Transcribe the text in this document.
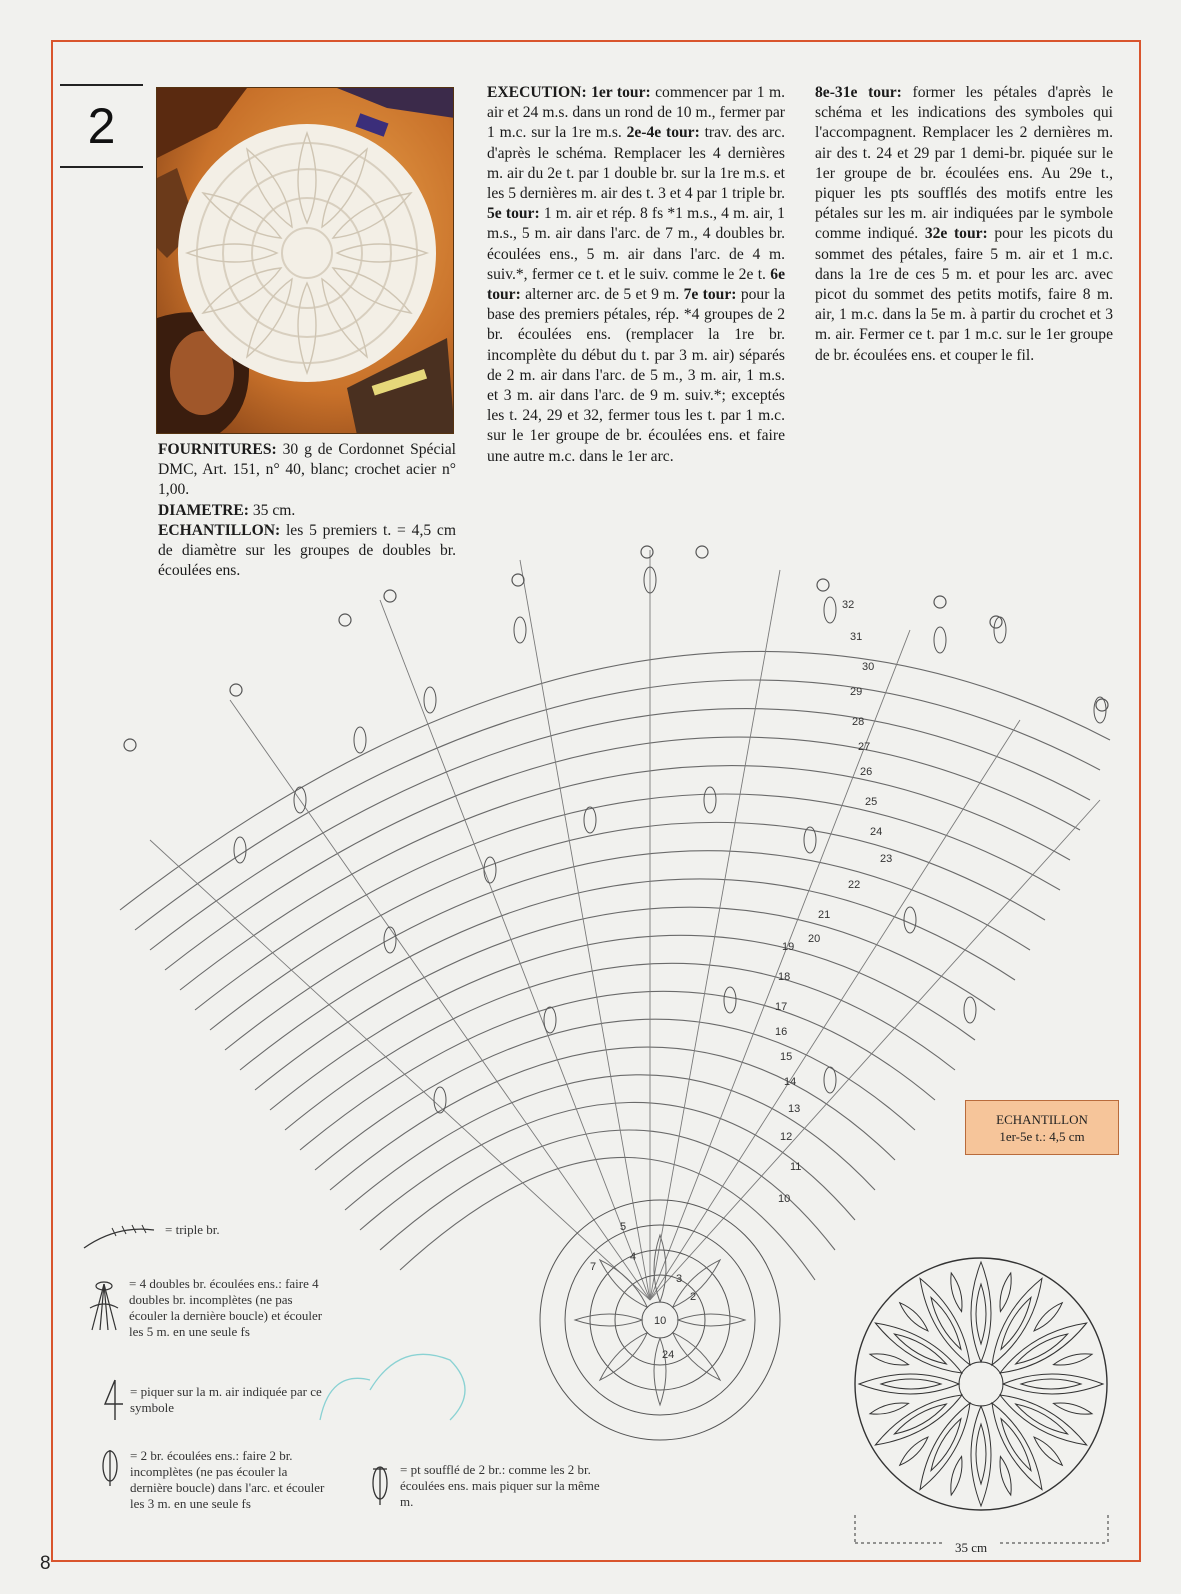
2
FOURNITURES: 30 g de Cordonnet Spécial DMC, Art. 151, n° 40, blanc; crochet acier n° 1,00.
DIAMETRE: 35 cm.
ECHANTILLON: les 5 premiers t. = 4,5 cm de diamètre sur les groupes de doubles br. écoulées ens.
EXECUTION: 1er tour: commencer par 1 m. air et 24 m.s. dans un rond de 10 m., fermer par 1 m.c. sur la 1re m.s. 2e-4e tour: trav. des arc. d'après le schéma. Remplacer les 4 dernières m. air du 2e t. par 1 double br. sur la 1re m.s. et les 5 dernières m. air des t. 3 et 4 par 1 triple br. 5e tour: 1 m. air et rép. 8 fs *1 m.s., 4 m. air, 1 m.s., 5 m. air dans l'arc. de 7 m., 4 doubles br. écoulées ens., 5 m. air dans l'arc. de 4 m. suiv.*, fermer ce t. et le suiv. comme le 2e t. 6e tour: alterner arc. de 5 et 9 m. 7e tour: pour la base des premiers pétales, rép. *4 groupes de 2 br. écoulées ens. (remplacer la 1re br. incomplète du début du t. par 3 m. air) séparés de 2 m. air dans l'arc. de 5 m., 3 m. air, 1 m.s. et 3 m. air dans l'arc. de 9 m. suiv.*; exceptés les t. 24, 29 et 32, fermer tous les t. par 1 m.c. sur le 1er groupe de br. écoulées ens. et faire une autre m.c. dans le 1er arc.
8e-31e tour: former les pétales d'après le schéma et les indications des symboles qui l'accompagnent. Remplacer les 2 dernières m. air des t. 24 et 29 par 1 demi-br. piquée sur le 1er groupe de br. écoulées ens. Au 29e t., piquer les pts soufflés des motifs entre les pétales sur les m. air indiquées par le symbole comme indiqué. 32e tour: pour les picots du sommet des pétales, faire 5 m. air et 1 m.c. dans la 1re de ces 5 m. et pour les arc. avec picot du sommet des petits motifs, faire 8 m. air, 1 m.c. dans la 5e m. à partir du crochet et 3 m. air. Fermer ce t. par 1 m.c. sur le 1er groupe de br. écoulées ens. et couper le fil.
32
31
30
29
28
27
26
25
24
23
22
21
20
19
18
17
16
15
14
13
12
11
10
10
24
7
5
4
3
2
35 cm
ECHANTILLON
1er-5e t.: 4,5 cm
= triple br.
= 4 doubles br. écoulées ens.: faire 4 doubles br. incomplètes (ne pas écouler la dernière boucle) et écouler les 5 m. en une seule fs
= piquer sur la m. air indiquée par ce symbole
= 2 br. écoulées ens.: faire 2 br. incomplètes (ne pas écouler la dernière boucle) dans l'arc. et écouler les 3 m. en une seule fs
= pt soufflé de 2 br.: comme les 2 br. écoulées ens. mais piquer sur la même m.
8
